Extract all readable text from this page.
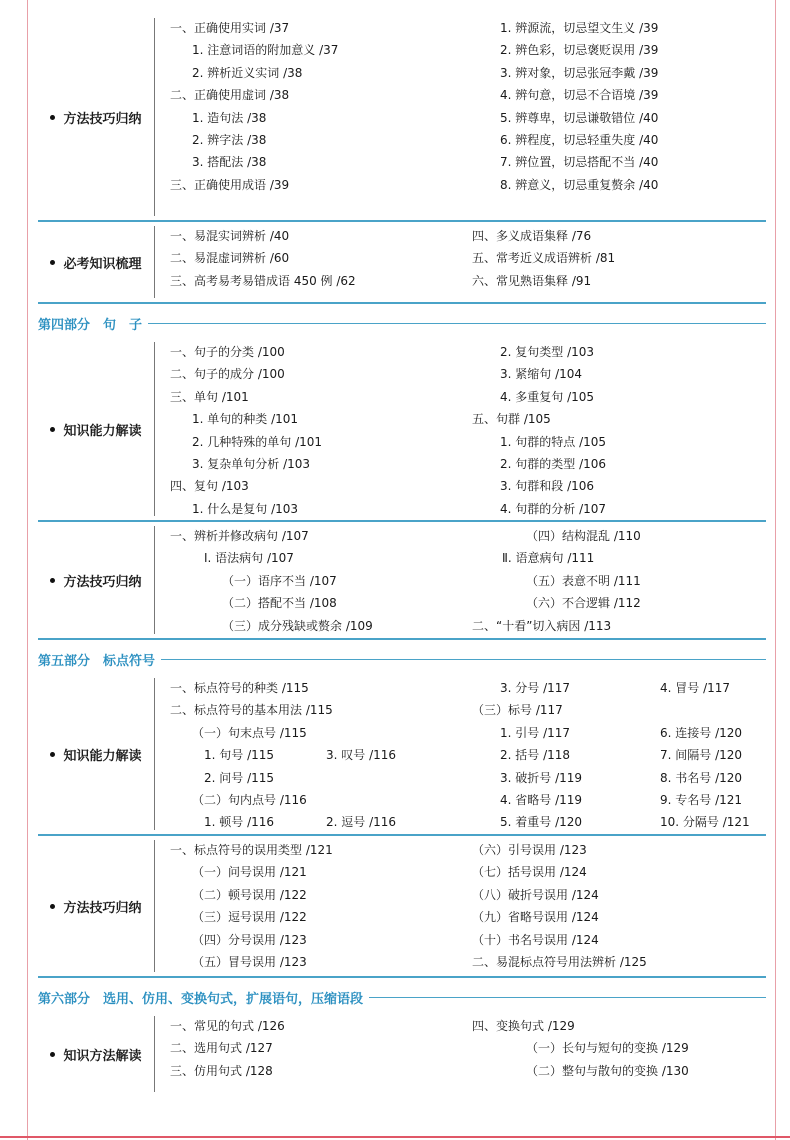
方法技巧归纳
一、正确使用实词 /37
1. 注意词语的附加意义 /37
2. 辨析近义实词 /38
二、正确使用虚词 /38
1. 造句法 /38
2. 辨字法 /38
3. 搭配法 /38
三、正确使用成语 /39
1. 辨源流，切忌望文生义 /39
2. 辨色彩，切忌褒贬误用 /39
3. 辨对象，切忌张冠李戴 /39
4. 辨句意，切忌不合语境 /39
5. 辨尊卑，切忌谦敬错位 /40
6. 辨程度，切忌轻重失度 /40
7. 辨位置，切忌搭配不当 /40
8. 辨意义，切忌重复赘余 /40
必考知识梳理
一、易混实词辨析 /40
二、易混虚词辨析 /60
三、高考易考易错成语 450 例 /62
四、多义成语集释 /76
五、常考近义成语辨析 /81
六、常见熟语集释 /91
第四部分　句　子
知识能力解读
一、句子的分类 /100
二、句子的成分 /100
三、单句 /101
1. 单句的种类 /101
2. 几种特殊的单句 /101
3. 复杂单句分析 /103
四、复句 /103
1. 什么是复句 /103
2. 复句类型 /103
3. 紧缩句 /104
4. 多重复句 /105
五、句群 /105
1. 句群的特点 /105
2. 句群的类型 /106
3. 句群和段 /106
4. 句群的分析 /107
方法技巧归纳
一、辨析并修改病句 /107
Ⅰ. 语法病句 /107
（一）语序不当 /107
（二）搭配不当 /108
（三）成分残缺或赘余 /109
（四）结构混乱 /110
Ⅱ. 语意病句 /111
（五）表意不明 /111
（六）不合逻辑 /112
二、“十看”切入病因 /113
第五部分　标点符号
知识能力解读
一、标点符号的种类 /115
二、标点符号的基本用法 /115
（一）句末点号 /115
1. 句号 /115	3. 叹号 /116
2. 问号 /115
（二）句内点号 /116
1. 顿号 /116	2. 逗号 /116
3. 分号 /117	4. 冒号 /117
（三）标号 /117
1. 引号 /117	6. 连接号 /120
2. 括号 /118	7. 间隔号 /120
3. 破折号 /119	8. 书名号 /120
4. 省略号 /119	9. 专名号 /121
5. 着重号 /120	10. 分隔号 /121
方法技巧归纳
一、标点符号的误用类型 /121
（一）问号误用 /121
（二）顿号误用 /122
（三）逗号误用 /122
（四）分号误用 /123
（五）冒号误用 /123
（六）引号误用 /123
（七）括号误用 /124
（八）破折号误用 /124
（九）省略号误用 /124
（十）书名号误用 /124
二、易混标点符号用法辨析 /125
第六部分　选用、仿用、变换句式，扩展语句，压缩语段
知识方法解读
一、常见的句式 /126
二、选用句式 /127
三、仿用句式 /128
四、变换句式 /129
（一）长句与短句的变换 /129
（二）整句与散句的变换 /130
